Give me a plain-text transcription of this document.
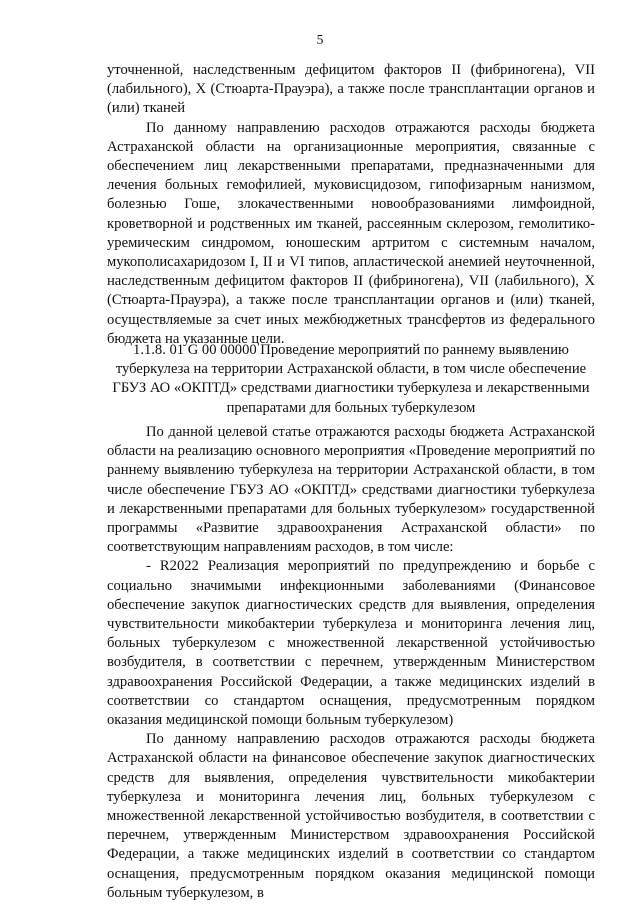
5

уточненной, наследственным дефицитом факторов II (фибриногена), VII (лабильного), X (Стюарта-Прауэра), а также после трансплантации органов и (или) тканей

По данному направлению расходов отражаются расходы бюджета Астраханской области на организационные мероприятия, связанные с обеспечением лиц лекарственными препаратами, предназначенными для лечения больных гемофилией, муковисцидозом, гипофизарным нанизмом, болезнью Гоше, злокачественными новообразованиями лимфоидной, кроветворной и родственных им тканей, рассеянным склерозом, гемолитико-уремическим синдромом, юношеским артритом с системным началом, мукополисахаридозом I, II и VI типов, апластической анемией неуточненной, наследственным дефицитом факторов II (фибриногена), VII (лабильного), X (Стюарта-Прауэра), а также после трансплантации органов и (или) тканей, осуществляемые за счет иных межбюджетных трансфертов из федерального бюджета на указанные цели.

1.1.8. 01 G 00 00000 Проведение мероприятий по раннему выявлению туберкулеза на территории Астраханской области, в том числе обеспечение ГБУЗ АО «ОКПТД» средствами диагностики туберкулеза и лекарственными препаратами для больных туберкулезом

По данной целевой статье отражаются расходы бюджета Астраханской области на реализацию основного мероприятия «Проведение мероприятий по раннему выявлению туберкулеза на территории Астраханской области, в том числе обеспечение ГБУЗ АО «ОКПТД» средствами диагностики туберкулеза и лекарственными препаратами для больных туберкулезом» государственной программы «Развитие здравоохранения Астраханской области» по соответствующим направлениям расходов, в том числе:

- R2022 Реализация мероприятий по предупреждению и борьбе с социально значимыми инфекционными заболеваниями (Финансовое обеспечение закупок диагностических средств для выявления, определения чувствительности микобактерии туберкулеза и мониторинга лечения лиц, больных туберкулезом с множественной лекарственной устойчивостью возбудителя, в соответствии с перечнем, утвержденным Министерством здравоохранения Российской Федерации, а также медицинских изделий в соответствии со стандартом оснащения, предусмотренным порядком оказания медицинской помощи больным туберкулезом)

По данному направлению расходов отражаются расходы бюджета Астраханской области на финансовое обеспечение закупок диагностических средств для выявления, определения чувствительности микобактерии туберкулеза и мониторинга лечения лиц, больных туберкулезом с множественной лекарственной устойчивостью возбудителя, в соответствии с перечнем, утвержденным Министерством здравоохранения Российской Федерации, а также медицинских изделий в соответствии со стандартом оснащения, предусмотренным порядком оказания медицинской помощи больным туберкулезом, в
